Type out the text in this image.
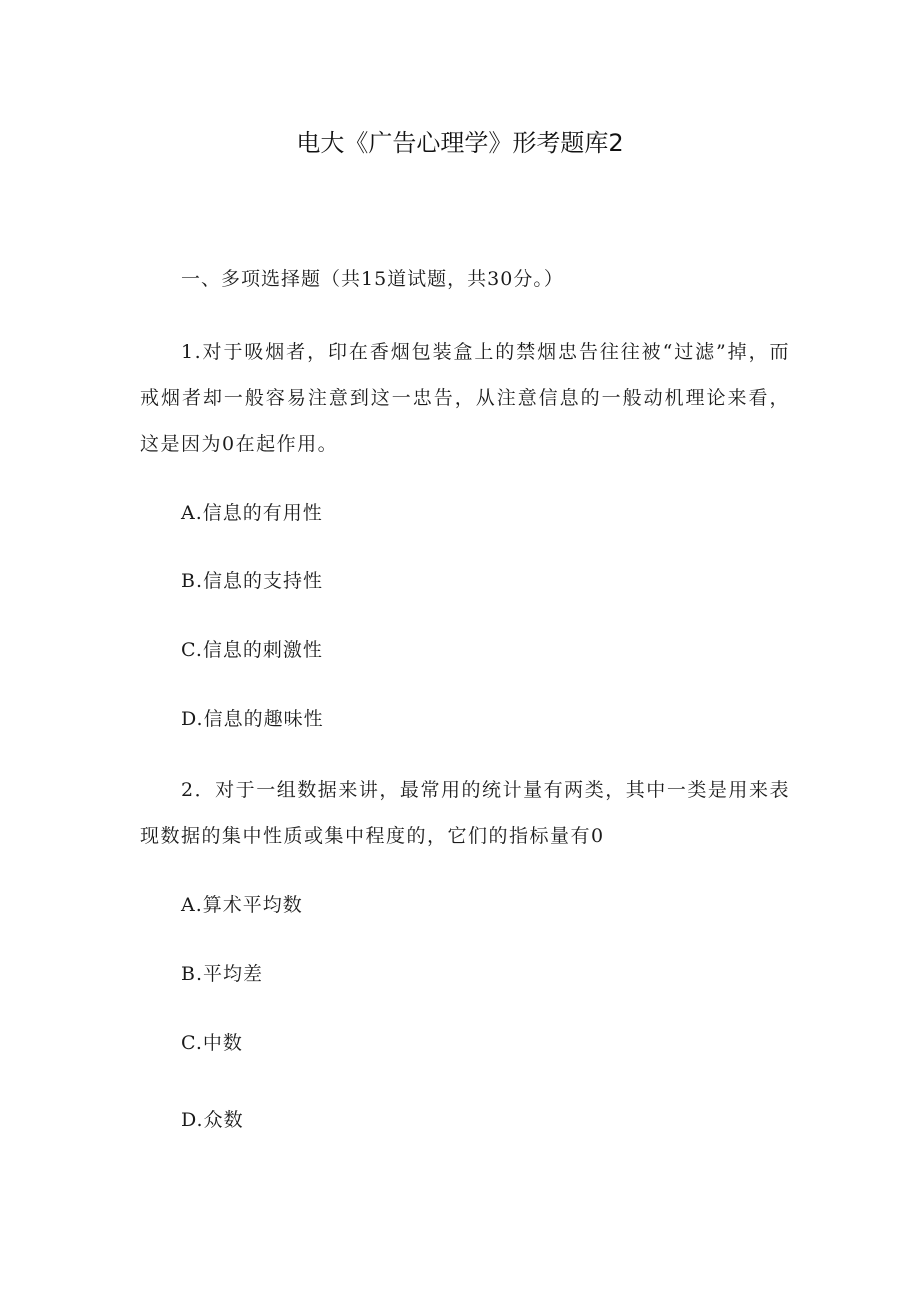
电大《广告心理学》形考题库2
一、多项选择题（共15道试题，共30分。）
1.对于吸烟者，印在香烟包装盒上的禁烟忠告往往被“过滤”掉，而戒烟者却一般容易注意到这一忠告，从注意信息的一般动机理论来看，这是因为0在起作用。
A.信息的有用性
B.信息的支持性
C.信息的刺激性
D.信息的趣味性
2．对于一组数据来讲，最常用的统计量有两类，其中一类是用来表现数据的集中性质或集中程度的，它们的指标量有0
A.算术平均数
B.平均差
C.中数
D.众数
